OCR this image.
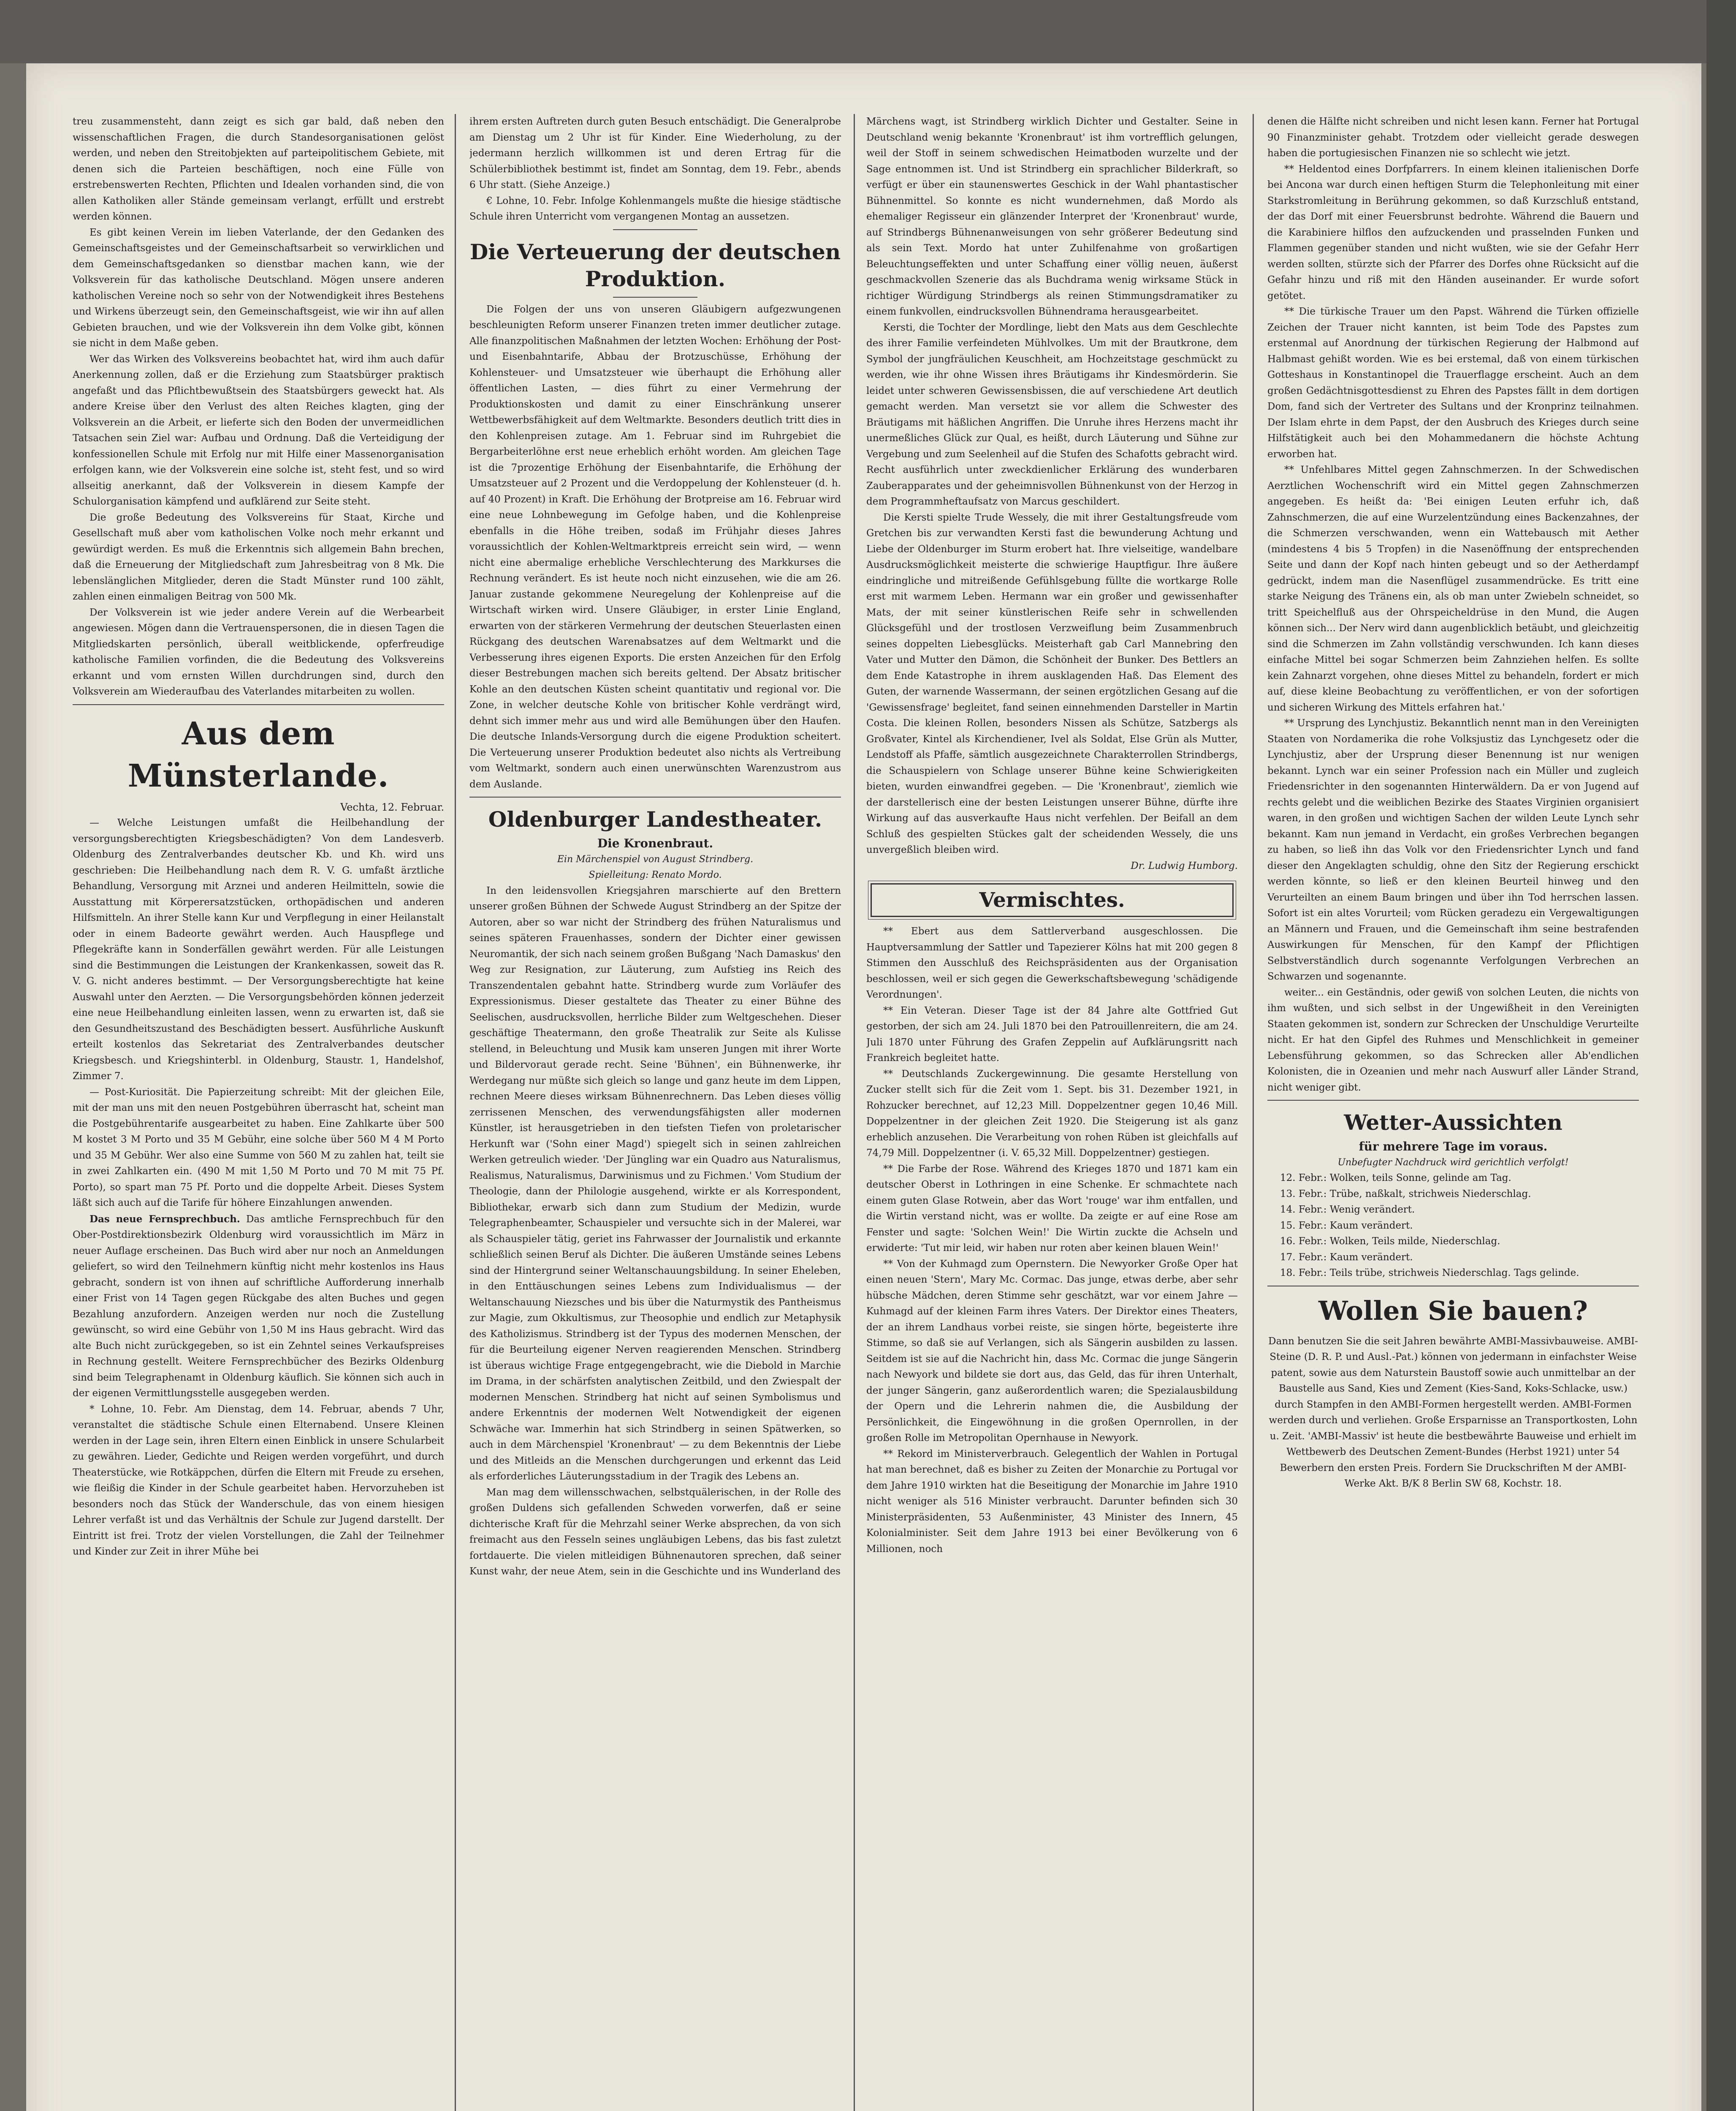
treu zusammensteht, dann zeigt es sich gar bald, daß neben den wissenschaftlichen Fragen, die durch Standesorganisationen gelöst werden, und neben den Streitobjekten auf parteipolitischem Gebiete, mit denen sich die Parteien beschäftigen, noch eine Fülle von erstrebenswerten Rechten, Pflichten und Idealen vorhanden sind, die von allen Katholiken aller Stände gemeinsam verlangt, erfüllt und erstrebt werden können.

Es gibt keinen Verein im lieben Vaterlande, der den Gedanken des Gemeinschaftsgeistes und der Gemeinschaftsarbeit so verwirklichen und dem Gemeinschaftsgedanken so dienstbar machen kann, wie der Volksverein für das katholische Deutschland. Mögen unsere anderen katholischen Vereine noch so sehr von der Notwendigkeit ihres Bestehens und Wirkens überzeugt sein, den Gemeinschaftsgeist, wie wir ihn auf allen Gebieten brauchen, und wie der Volksverein ihn dem Volke gibt, können sie nicht in dem Maße geben.

Wer das Wirken des Volksvereins beobachtet hat, wird ihm auch dafür Anerkennung zollen, daß er die Erziehung zum Staatsbürger praktisch angefaßt und das Pflichtbewußtsein des Staatsbürgers geweckt hat. Als andere Kreise über den Verlust des alten Reiches klagten, ging der Volksverein an die Arbeit, er lieferte sich den Boden der unvermeidlichen Tatsachen sein Ziel war: Aufbau und Ordnung. Daß die Verteidigung der konfessionellen Schule mit Erfolg nur mit Hilfe einer Massenorganisation erfolgen kann, wie der Volksverein eine solche ist, steht fest, und so wird allseitig anerkannt, daß der Volksverein in diesem Kampfe der Schulorganisation kämpfend und aufklärend zur Seite steht.

Die große Bedeutung des Volksvereins für Staat, Kirche und Gesellschaft muß aber vom katholischen Volke noch mehr erkannt und gewürdigt werden. Es muß die Erkenntnis sich allgemein Bahn brechen, daß die Erneuerung der Mitgliedschaft zum Jahresbeitrag von 8 Mk. Die lebenslänglichen Mitglieder, deren die Stadt Münster rund 100 zählt, zahlen einen einmaligen Beitrag von 500 Mk.

Der Volksverein ist wie jeder andere Verein auf die Werbearbeit angewiesen. Mögen dann die Vertrauenspersonen, die in diesen Tagen die Mitgliedskarten persönlich, überall weitblickende, opferfreudige katholische Familien vorfinden, die die Bedeutung des Volksvereins erkannt und vom ernsten Willen durchdrungen sind, durch den Volksverein am Wiederaufbau des Vaterlandes mitarbeiten zu wollen.

Aus dem Münsterlande.
Vechta, 12. Februar.

— Welche Leistungen umfaßt die Heilbehandlung der versorgungsberechtigten Kriegsbeschädigten? Von dem Landesverb. Oldenburg des Zentralverbandes deutscher Kb. und Kh. wird uns geschrieben: Die Heilbehandlung nach dem R. V. G. umfaßt ärztliche Behandlung, Versorgung mit Arznei und anderen Heilmitteln, sowie die Ausstattung mit Körperersatzstücken, orthopädischen und anderen Hilfsmitteln. An ihrer Stelle kann Kur und Verpflegung in einer Heilanstalt oder in einem Badeorte gewährt werden. Auch Hauspflege und Pflegekräfte kann in Sonderfällen gewährt werden. Für alle Leistungen sind die Bestimmungen die Leistungen der Krankenkassen, soweit das R. V. G. nicht anderes bestimmt. — Der Versorgungsberechtigte hat keine Auswahl unter den Aerzten. — Die Versorgungsbehörden können jederzeit eine neue Heilbehandlung einleiten lassen, wenn zu erwarten ist, daß sie den Gesundheitszustand des Beschädigten bessert. Ausführliche Auskunft erteilt kostenlos das Sekretariat des Zentralverbandes deutscher Kriegsbesch. und Kriegshinterbl. in Oldenburg, Staustr. 1, Handelshof, Zimmer 7.

— Post-Kuriosität. Die Papierzeitung schreibt: Mit der gleichen Eile, mit der man uns mit den neuen Postgebühren überrascht hat, scheint man die Postgebührentarife ausgearbeitet zu haben. Eine Zahlkarte über 500 M kostet 3 M Porto und 35 M Gebühr, eine solche über 560 M 4 M Porto und 35 M Gebühr. Wer also eine Summe von 560 M zu zahlen hat, teilt sie in zwei Zahlkarten ein. (490 M mit 1,50 M Porto und 70 M mit 75 Pf. Porto), so spart man 75 Pf. Porto und die doppelte Arbeit. Dieses System läßt sich auch auf die Tarife für höhere Einzahlungen anwenden.

Das neue Fernsprechbuch. Das amtliche Fernsprechbuch für den Ober-Postdirektionsbezirk Oldenburg wird voraussichtlich im März in neuer Auflage erscheinen. Das Buch wird aber nur noch an Anmeldungen geliefert, so wird den Teilnehmern künftig nicht mehr kostenlos ins Haus gebracht, sondern ist von ihnen auf schriftliche Aufforderung innerhalb einer Frist von 14 Tagen gegen Rückgabe des alten Buches und gegen Bezahlung anzufordern. Anzeigen werden nur noch die Zustellung gewünscht, so wird eine Gebühr von 1,50 M ins Haus gebracht. Wird das alte Buch nicht zurückgegeben, so ist ein Zehntel seines Verkaufspreises in Rechnung gestellt. Weitere Fernsprechbücher des Bezirks Oldenburg sind beim Telegraphenamt in Oldenburg käuflich. Sie können sich auch in der eigenen Vermittlungsstelle ausgegeben werden.

* Lohne, 10. Febr. Am Dienstag, dem 14. Februar, abends 7 Uhr, veranstaltet die städtische Schule einen Elternabend. Unsere Kleinen werden in der Lage sein, ihren Eltern einen Einblick in unsere Schularbeit zu gewähren. Lieder, Gedichte und Reigen werden vorgeführt, und durch Theaterstücke, wie Rotkäppchen, dürfen die Eltern mit Freude zu ersehen, wie fleißig die Kinder in der Schule gearbeitet haben. Hervorzuheben ist besonders noch das Stück der Wanderschule, das von einem hiesigen Lehrer verfaßt ist und das Verhältnis der Schule zur Jugend darstellt. Der Eintritt ist frei. Trotz der vielen Vorstellungen, die Zahl der Teilnehmer und Kinder zur Zeit in ihrer Mühe bei

ihrem ersten Auftreten durch guten Besuch entschädigt. Die Generalprobe am Dienstag um 2 Uhr ist für Kinder. Eine Wiederholung, zu der jedermann herzlich willkommen ist und deren Ertrag für die Schülerbibliothek bestimmt ist, findet am Sonntag, dem 19. Febr., abends 6 Uhr statt. (Siehe Anzeige.)

€ Lohne, 10. Febr. Infolge Kohlenmangels mußte die hiesige städtische Schule ihren Unterricht vom vergangenen Montag an aussetzen.

Die Verteuerung der deutschen Produktion.

Die Folgen der uns von unseren Gläubigern aufgezwungenen beschleunigten Reform unserer Finanzen treten immer deutlicher zutage. Alle finanzpolitischen Maßnahmen der letzten Wochen: Erhöhung der Post- und Eisenbahntarife, Abbau der Brotzuschüsse, Erhöhung der Kohlensteuer- und Umsatzsteuer wie überhaupt die Erhöhung aller öffentlichen Lasten, — dies führt zu einer Vermehrung der Produktionskosten und damit zu einer Einschränkung unserer Wettbewerbsfähigkeit auf dem Weltmarkte. Besonders deutlich tritt dies in den Kohlenpreisen zutage. Am 1. Februar sind im Ruhrgebiet die Bergarbeiterlöhne erst neue erheblich erhöht worden. Am gleichen Tage ist die 7prozentige Erhöhung der Eisenbahntarife, die Erhöhung der Umsatzsteuer auf 2 Prozent und die Verdoppelung der Kohlensteuer (d. h. auf 40 Prozent) in Kraft. Die Erhöhung der Brotpreise am 16. Februar wird eine neue Lohnbewegung im Gefolge haben, und die Kohlenpreise ebenfalls in die Höhe treiben, sodaß im Frühjahr dieses Jahres voraussichtlich der Kohlen-Weltmarktpreis erreicht sein wird, — wenn nicht eine abermalige erhebliche Verschlechterung des Markkurses die Rechnung verändert. Es ist heute noch nicht einzusehen, wie die am 26. Januar zustande gekommene Neuregelung der Kohlenpreise auf die Wirtschaft wirken wird. Unsere Gläubiger, in erster Linie England, erwarten von der stärkeren Vermehrung der deutschen Steuerlasten einen Rückgang des deutschen Warenabsatzes auf dem Weltmarkt und die Verbesserung ihres eigenen Exports. Die ersten Anzeichen für den Erfolg dieser Bestrebungen machen sich bereits geltend. Der Absatz britischer Kohle an den deutschen Küsten scheint quantitativ und regional vor. Die Zone, in welcher deutsche Kohle von britischer Kohle verdrängt wird, dehnt sich immer mehr aus und wird alle Bemühungen über den Haufen. Die deutsche Inlands-Versorgung durch die eigene Produktion scheitert. Die Verteuerung unserer Produktion bedeutet also nichts als Vertreibung vom Weltmarkt, sondern auch einen unerwünschten Warenzustrom aus dem Auslande.

Oldenburger Landestheater.
Die Kronenbraut.
Ein Märchenspiel von August Strindberg.
Spielleitung: Renato Mordo.

In den leidensvollen Kriegsjahren marschierte auf den Brettern unserer großen Bühnen der Schwede August Strindberg an der Spitze der Autoren, aber so war nicht der Strindberg des frühen Naturalismus und seines späteren Frauenhasses, sondern der Dichter einer gewissen Neuromantik, der sich nach seinem großen Bußgang 'Nach Damaskus' den Weg zur Resignation, zur Läuterung, zum Aufstieg ins Reich des Transzendentalen gebahnt hatte. Strindberg wurde zum Vorläufer des Expressionismus. Dieser gestaltete das Theater zu einer Bühne des Seelischen, ausdrucksvollen, herrliche Bilder zum Weltgeschehen. Dieser geschäftige Theatermann, den große Theatralik zur Seite als Kulisse stellend, in Beleuchtung und Musik kam unseren Jungen mit ihrer Worte und Bildervoraut gerade recht. Seine 'Bühnen', ein Bühnenwerke, ihr Werdegang nur müßte sich gleich so lange und ganz heute im dem Lippen, rechnen Meere dieses wirksam Bühnenrechnern. Das Leben dieses völlig zerrissenen Menschen, des verwendungsfähigsten aller modernen Künstler, ist herausgetrieben in den tiefsten Tiefen von proletarischer Herkunft war ('Sohn einer Magd') spiegelt sich in seinen zahlreichen Werken getreulich wieder. 'Der Jüngling war ein Quadro aus Naturalismus, Realismus, Naturalismus, Darwinismus und zu Fichmen.' Vom Studium der Theologie, dann der Philologie ausgehend, wirkte er als Korrespondent, Bibliothekar, erwarb sich dann zum Studium der Medizin, wurde Telegraphenbeamter, Schauspieler und versuchte sich in der Malerei, war als Schauspieler tätig, geriet ins Fahrwasser der Journalistik und erkannte schließlich seinen Beruf als Dichter. Die äußeren Umstände seines Lebens sind der Hintergrund seiner Weltanschauungsbildung. In seiner Eheleben, in den Enttäuschungen seines Lebens zum Individualismus — der Weltanschauung Niezsches und bis über die Naturmystik des Pantheismus zur Magie, zum Okkultismus, zur Theosophie und endlich zur Metaphysik des Katholizismus. Strindberg ist der Typus des modernen Menschen, der für die Beurteilung eigener Nerven reagierenden Menschen. Strindberg ist überaus wichtige Frage entgegengebracht, wie die Diebold in Marchie im Drama, in der schärfsten analytischen Zeitbild, und den Zwiespalt der modernen Menschen. Strindberg hat nicht auf seinen Symbolismus und andere Erkenntnis der modernen Welt Notwendigkeit der eigenen Schwäche war. Immerhin hat sich Strindberg in seinen Spätwerken, so auch in dem Märchenspiel 'Kronenbraut' — zu dem Bekenntnis der Liebe und des Mitleids an die Menschen durchgerungen und erkennt das Leid als erforderliches Läuterungsstadium in der Tragik des Lebens an.

Man mag dem willensschwachen, selbstquälerischen, in der Rolle des großen Duldens sich gefallenden Schweden vorwerfen, daß er seine dichterische Kraft für die Mehrzahl seiner Werke absprechen, da von sich freimacht aus den Fesseln seines ungläubigen Lebens, das bis fast zuletzt fortdauerte. Die vielen mitleidigen Bühnenautoren sprechen, daß seiner Kunst wahr, der neue Atem, sein in die Geschichte und ins Wunderland des

Märchens wagt, ist Strindberg wirklich Dichter und Gestalter. Seine in Deutschland wenig bekannte 'Kronenbraut' ist ihm vortrefflich gelungen, weil der Stoff in seinem schwedischen Heimatboden wurzelte und der Sage entnommen ist. Und ist Strindberg ein sprachlicher Bilderkraft, so verfügt er über ein staunenswertes Geschick in der Wahl phantastischer Bühnenmittel. So konnte es nicht wundernehmen, daß Mordo als ehemaliger Regisseur ein glänzender Interpret der 'Kronenbraut' wurde, auf Strindbergs Bühnenanweisungen von sehr größerer Bedeutung sind als sein Text. Mordo hat unter Zuhilfenahme von großartigen Beleuchtungseffekten und unter Schaffung einer völlig neuen, äußerst geschmackvollen Szenerie das als Buchdrama wenig wirksame Stück in richtiger Würdigung Strindbergs als reinen Stimmungsdramatiker zu einem funkvollen, eindrucksvollen Bühnendrama herausgearbeitet.

Kersti, die Tochter der Mordlinge, liebt den Mats aus dem Geschlechte des ihrer Familie verfeindeten Mühlvolkes. Um mit der Brautkrone, dem Symbol der jungfräulichen Keuschheit, am Hochzeitstage geschmückt zu werden, wie ihr ohne Wissen ihres Bräutigams ihr Kindesmörderin. Sie leidet unter schweren Gewissensbissen, die auf verschiedene Art deutlich gemacht werden. Man versetzt sie vor allem die Schwester des Bräutigams mit häßlichen Angriffen. Die Unruhe ihres Herzens macht ihr unermeßliches Glück zur Qual, es heißt, durch Läuterung und Sühne zur Vergebung und zum Seelenheil auf die Stufen des Schafotts gebracht wird. Recht ausführlich unter zweckdienlicher Erklärung des wunderbaren Zauberapparates und der geheimnisvollen Bühnenkunst von der Herzog in dem Programmheftaufsatz von Marcus geschildert.

Die Kersti spielte Trude Wessely, die mit ihrer Gestaltungsfreude vom Gretchen bis zur verwandten Kersti fast die bewunderung Achtung und Liebe der Oldenburger im Sturm erobert hat. Ihre vielseitige, wandelbare Ausdrucksmöglichkeit meisterte die schwierige Hauptfigur. Ihre äußere eindringliche und mitreißende Gefühlsgebung füllte die wortkarge Rolle erst mit warmem Leben. Hermann war ein großer und gewissenhafter Mats, der mit seiner künstlerischen Reife sehr in schwellenden Glücksgefühl und der trostlosen Verzweiflung beim Zusammenbruch seines doppelten Liebesglücks. Meisterhaft gab Carl Mannebring den Vater und Mutter den Dämon, die Schönheit der Bunker. Des Bettlers an dem Ende Katastrophe in ihrem ausklagenden Haß. Das Element des Guten, der warnende Wassermann, der seinen ergötzlichen Gesang auf die 'Gewissensfrage' begleitet, fand seinen einnehmenden Darsteller in Martin Costa. Die kleinen Rollen, besonders Nissen als Schütze, Satzbergs als Großvater, Kintel als Kirchendiener, Ivel als Soldat, Else Grün als Mutter, Lendstoff als Pfaffe, sämtlich ausgezeichnete Charakterrollen Strindbergs, die Schauspielern von Schlage unserer Bühne keine Schwierigkeiten bieten, wurden einwandfrei gegeben. — Die 'Kronenbraut', ziemlich wie der darstellerisch eine der besten Leistungen unserer Bühne, dürfte ihre Wirkung auf das ausverkaufte Haus nicht verfehlen. Der Beifall an dem Schluß des gespielten Stückes galt der scheidenden Wessely, die uns unvergeßlich bleiben wird.

Dr. Ludwig Humborg.
Vermischtes.

** Ebert aus dem Sattlerverband ausgeschlossen. Die Hauptversammlung der Sattler und Tapezierer Kölns hat mit 200 gegen 8 Stimmen den Ausschluß des Reichspräsidenten aus der Organisation beschlossen, weil er sich gegen die Gewerkschaftsbewegung 'schädigende Verordnungen'.

** Ein Veteran. Dieser Tage ist der 84 Jahre alte Gottfried Gut gestorben, der sich am 24. Juli 1870 bei den Patrouillenreitern, die am 24. Juli 1870 unter Führung des Grafen Zeppelin auf Aufklärungsritt nach Frankreich begleitet hatte.

** Deutschlands Zuckergewinnung. Die gesamte Herstellung von Zucker stellt sich für die Zeit vom 1. Sept. bis 31. Dezember 1921, in Rohzucker berechnet, auf 12,23 Mill. Doppelzentner gegen 10,46 Mill. Doppelzentner in der gleichen Zeit 1920. Die Steigerung ist als ganz erheblich anzusehen. Die Verarbeitung von rohen Rüben ist gleichfalls auf 74,79 Mill. Doppelzentner (i. V. 65,32 Mill. Doppelzentner) gestiegen.

** Die Farbe der Rose. Während des Krieges 1870 und 1871 kam ein deutscher Oberst in Lothringen in eine Schenke. Er schmachtete nach einem guten Glase Rotwein, aber das Wort 'rouge' war ihm entfallen, und die Wirtin verstand nicht, was er wollte. Da zeigte er auf eine Rose am Fenster und sagte: 'Solchen Wein!' Die Wirtin zuckte die Achseln und erwiderte: 'Tut mir leid, wir haben nur roten aber keinen blauen Wein!'

** Von der Kuhmagd zum Opernstern. Die Newyorker Große Oper hat einen neuen 'Stern', Mary Mc. Cormac. Das junge, etwas derbe, aber sehr hübsche Mädchen, deren Stimme sehr geschätzt, war vor einem Jahre — Kuhmagd auf der kleinen Farm ihres Vaters. Der Direktor eines Theaters, der an ihrem Landhaus vorbei reiste, sie singen hörte, begeisterte ihre Stimme, so daß sie auf Verlangen, sich als Sängerin ausbilden zu lassen. Seitdem ist sie auf die Nachricht hin, dass Mc. Cormac die junge Sängerin nach Newyork und bildete sie dort aus, das Geld, das für ihren Unterhalt, der junger Sängerin, ganz außerordentlich waren; die Spezialausbildung der Opern und die Lehrerin nahmen die, die Ausbildung der Persönlichkeit, die Eingewöhnung in die großen Opernrollen, in der großen Rolle im Metropolitan Opernhause in Newyork.

** Rekord im Ministerverbrauch. Gelegentlich der Wahlen in Portugal hat man berechnet, daß es bisher zu Zeiten der Monarchie zu Portugal vor dem Jahre 1910 wirkten hat die Beseitigung der Monarchie im Jahre 1910 nicht weniger als 516 Minister verbraucht. Darunter befinden sich 30 Ministerpräsidenten, 53 Außenminister, 43 Minister des Innern, 45 Kolonialminister. Seit dem Jahre 1913 bei einer Bevölkerung von 6 Millionen, noch

denen die Hälfte nicht schreiben und nicht lesen kann. Ferner hat Portugal 90 Finanzminister gehabt. Trotzdem oder vielleicht gerade deswegen haben die portugiesischen Finanzen nie so schlecht wie jetzt.

** Heldentod eines Dorfpfarrers. In einem kleinen italienischen Dorfe bei Ancona war durch einen heftigen Sturm die Telephonleitung mit einer Starkstromleitung in Berührung gekommen, so daß Kurzschluß entstand, der das Dorf mit einer Feuersbrunst bedrohte. Während die Bauern und die Karabiniere hilflos den aufzuckenden und prasselnden Funken und Flammen gegenüber standen und nicht wußten, wie sie der Gefahr Herr werden sollten, stürzte sich der Pfarrer des Dorfes ohne Rücksicht auf die Gefahr hinzu und riß mit den Händen auseinander. Er wurde sofort getötet.

** Die türkische Trauer um den Papst. Während die Türken offizielle Zeichen der Trauer nicht kannten, ist beim Tode des Papstes zum erstenmal auf Anordnung der türkischen Regierung der Halbmond auf Halbmast gehißt worden. Wie es bei erstemal, daß von einem türkischen Gotteshaus in Konstantinopel die Trauerflagge erscheint. Auch an dem großen Gedächtnisgottesdienst zu Ehren des Papstes fällt in dem dortigen Dom, fand sich der Vertreter des Sultans und der Kronprinz teilnahmen. Der Islam ehrte in dem Papst, der den Ausbruch des Krieges durch seine Hilfstätigkeit auch bei den Mohammedanern die höchste Achtung erworben hat.

** Unfehlbares Mittel gegen Zahnschmerzen. In der Schwedischen Aerztlichen Wochenschrift wird ein Mittel gegen Zahnschmerzen angegeben. Es heißt da: 'Bei einigen Leuten erfuhr ich, daß Zahnschmerzen, die auf eine Wurzelentzündung eines Backenzahnes, der die Schmerzen verschwanden, wenn ein Wattebausch mit Aether (mindestens 4 bis 5 Tropfen) in die Nasenöffnung der entsprechenden Seite und dann der Kopf nach hinten gebeugt und so der Aetherdampf gedrückt, indem man die Nasenflügel zusammendrücke. Es tritt eine starke Neigung des Tränens ein, als ob man unter Zwiebeln schneidet, so tritt Speichelfluß aus der Ohrspeicheldrüse in den Mund, die Augen können sich... Der Nerv wird dann augenblicklich betäubt, und gleichzeitig sind die Schmerzen im Zahn vollständig verschwunden. Ich kann dieses einfache Mittel bei sogar Schmerzen beim Zahnziehen helfen. Es sollte kein Zahnarzt vorgehen, ohne dieses Mittel zu behandeln, fordert er mich auf, diese kleine Beobachtung zu veröffentlichen, er von der sofortigen und sicheren Wirkung des Mittels erfahren hat.'

** Ursprung des Lynchjustiz. Bekanntlich nennt man in den Vereinigten Staaten von Nordamerika die rohe Volksjustiz das Lynchgesetz oder die Lynchjustiz, aber der Ursprung dieser Benennung ist nur wenigen bekannt. Lynch war ein seiner Profession nach ein Müller und zugleich Friedensrichter in den sogenannten Hinterwäldern. Da er von Jugend auf rechts gelebt und die weiblichen Bezirke des Staates Virginien organisiert waren, in den großen und wichtigen Sachen der wilden Leute Lynch sehr bekannt. Kam nun jemand in Verdacht, ein großes Verbrechen begangen zu haben, so ließ ihn das Volk vor den Friedensrichter Lynch und fand dieser den Angeklagten schuldig, ohne den Sitz der Regierung erschickt werden könnte, so ließ er den kleinen Beurteil hinweg und den Verurteilten an einem Baum bringen und über ihn Tod herrschen lassen. Sofort ist ein altes Vorurteil; vom Rücken geradezu ein Vergewaltigungen an Männern und Frauen, und die Gemeinschaft ihm seine bestrafenden Auswirkungen für Menschen, für den Kampf der Pflichtigen Selbstverständlich durch sogenannte Verfolgungen Verbrechen an Schwarzen und sogenannte.

weiter... ein Geständnis, oder gewiß von solchen Leuten, die nichts von ihm wußten, und sich selbst in der Ungewißheit in den Vereinigten Staaten gekommen ist, sondern zur Schrecken der Unschuldige Verurteilte nicht. Er hat den Gipfel des Ruhmes und Menschlichkeit in gemeiner Lebensführung gekommen, so das Schrecken aller Ab'endlichen Kolonisten, die in Ozeanien und mehr nach Auswurf aller Länder Strand, nicht weniger gibt.

Wetter-Aussichten
für mehrere Tage im voraus.
Unbefugter Nachdruck wird gerichtlich verfolgt!
12. Febr.: Wolken, teils Sonne, gelinde am Tag.
13. Febr.: Trübe, naßkalt, strichweis Niederschlag.
14. Febr.: Wenig verändert.
15. Febr.: Kaum verändert.
16. Febr.: Wolken, Teils milde, Niederschlag.
17. Febr.: Kaum verändert.
18. Febr.: Teils trübe, strichweis Niederschlag. Tags gelinde.
Wollen Sie bauen?

Dann benutzen Sie die seit Jahren bewährte AMBI-Massivbauweise. AMBI-Steine (D. R. P. und Ausl.-Pat.) können von jedermann in einfachster Weise patent, sowie aus dem Naturstein Baustoff sowie auch unmittelbar an der Baustelle aus Sand, Kies und Zement (Kies-Sand, Koks-Schlacke, usw.) durch Stampfen in den AMBI-Formen hergestellt werden. AMBI-Formen werden durch und verliehen. Große Ersparnisse an Transportkosten, Lohn u. Zeit. 'AMBI-Massiv' ist heute die bestbewährte Bauweise und erhielt im Wettbewerb des Deutschen Zement-Bundes (Herbst 1921) unter 54 Bewerbern den ersten Preis. Fordern Sie Druckschriften M der AMBI-Werke Akt. B/K 8 Berlin SW 68, Kochstr. 18.
